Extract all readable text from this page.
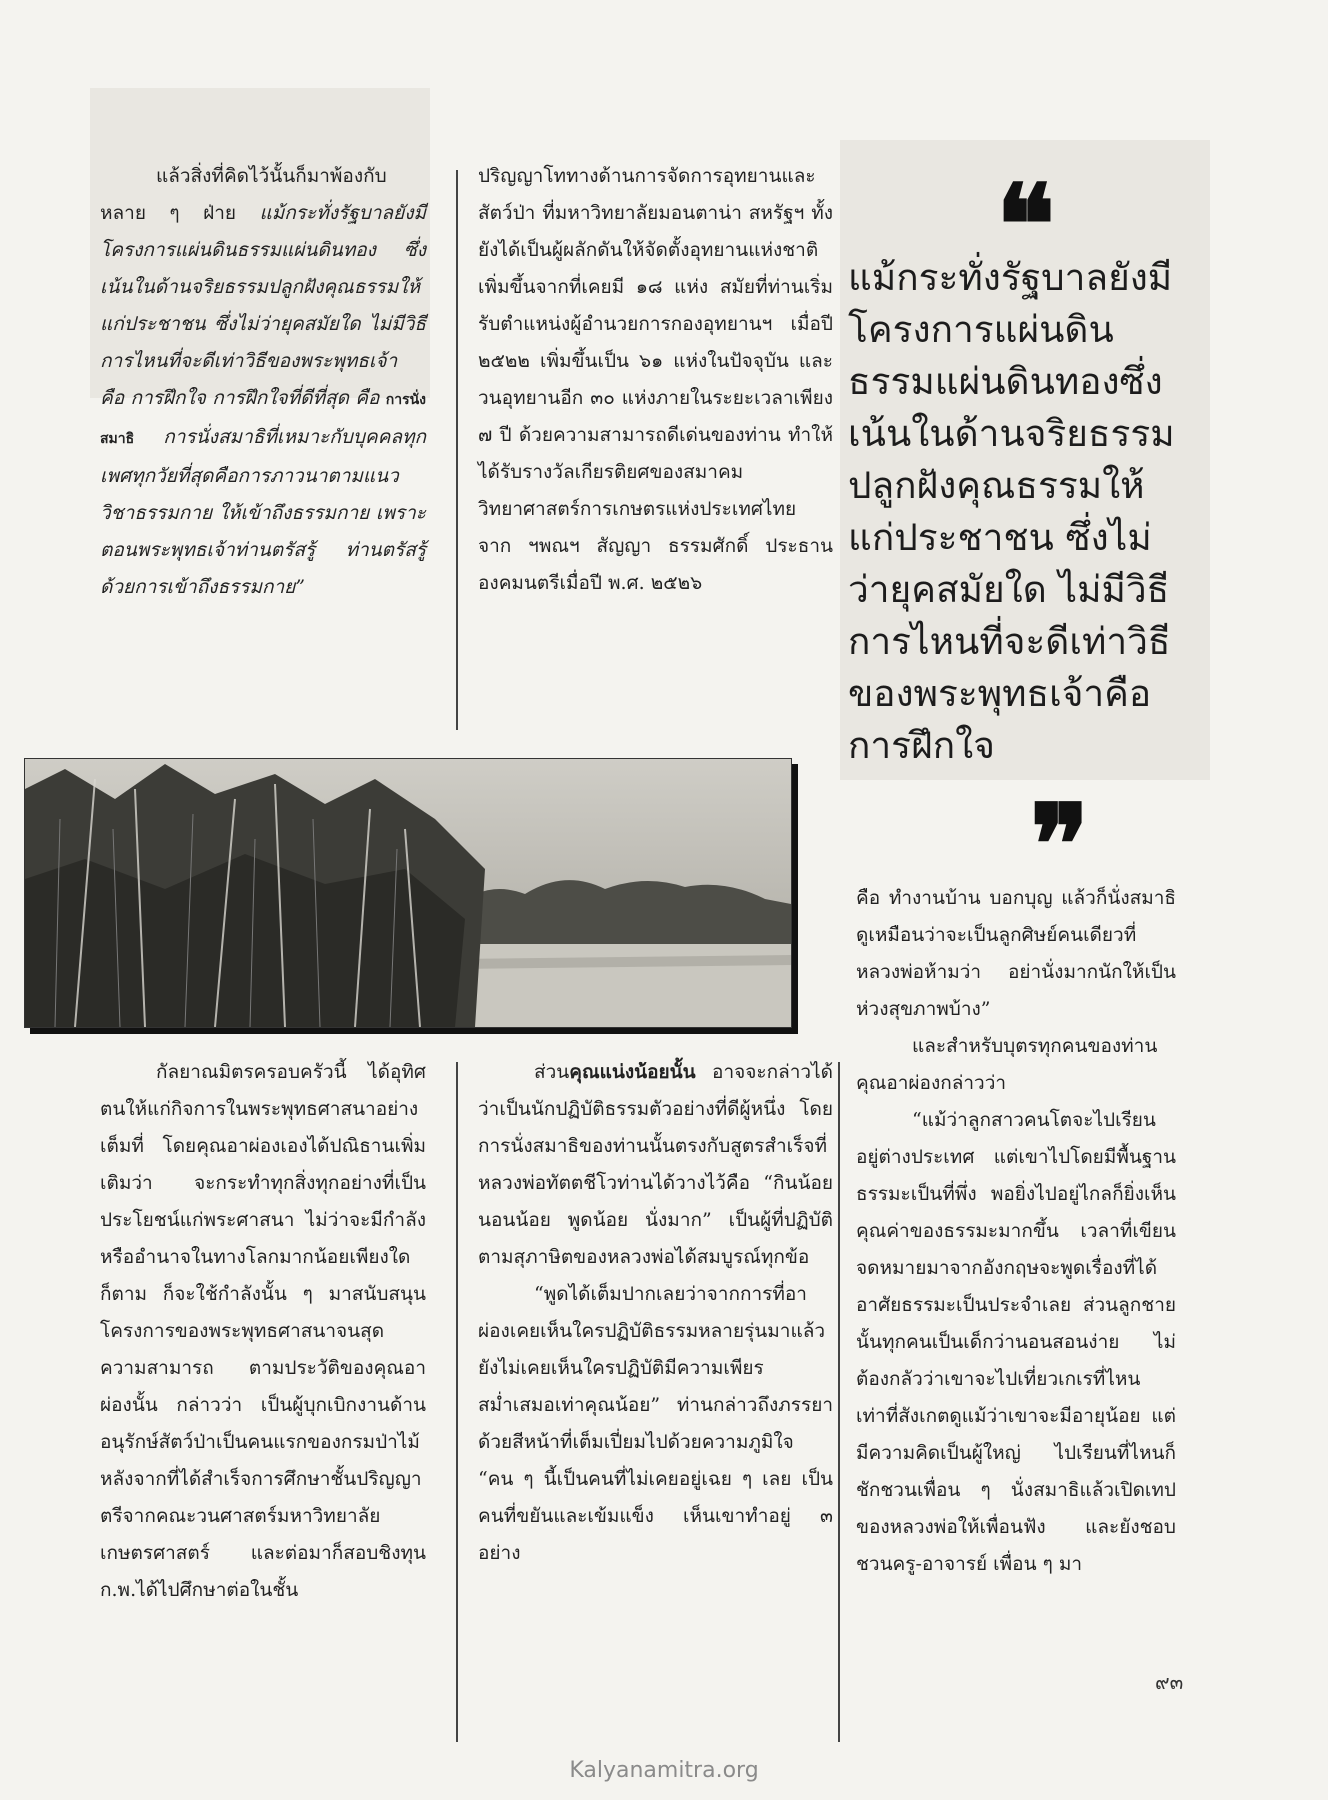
แล้วสิ่งที่คิดไว้นั้นก็มาพ้องกับหลาย ๆ ฝ่าย แม้กระทั่งรัฐบาลยังมีโครงการแผ่นดินธรรมแผ่นดินทอง ซึ่งเน้นในด้านจริยธรรมปลูกฝังคุณธรรมให้แก่ประชาชน ซึ่งไม่ว่ายุคสมัยใด ไม่มีวิธีการไหนที่จะดีเท่าวิธีของพระพุทธเจ้า คือ การฝึกใจ การฝึกใจที่ดีที่สุด คือ การนั่งสมาธิ การนั่งสมาธิที่เหมาะกับบุคคลทุกเพศทุกวัยที่สุดคือการภาวนาตามแนววิชาธรรมกาย ให้เข้าถึงธรรมกาย เพราะตอนพระพุทธเจ้าท่านตรัสรู้ ท่านตรัสรู้ด้วยการเข้าถึงธรรมกาย”

ปริญญาโททางด้านการจัดการอุทยานและสัตว์ป่า ที่มหาวิทยาลัยมอนตาน่า สหรัฐฯ ทั้งยังได้เป็นผู้ผลักดันให้จัดตั้งอุทยานแห่งชาติเพิ่มขึ้นจากที่เคยมี ๑๘ แห่ง สมัยที่ท่านเริ่มรับตำแหน่งผู้อำนวยการกองอุทยานฯ เมื่อปี ๒๕๒๒ เพิ่มขึ้นเป็น ๖๑ แห่งในปัจจุบัน และวนอุทยานอีก ๓๐ แห่งภายในระยะเวลาเพียง ๗ ปี ด้วยความสามารถดีเด่นของท่าน ทำให้ได้รับรางวัลเกียรติยศของสมาคมวิทยาศาสตร์การเกษตรแห่งประเทศไทย จาก ฯพณฯ สัญญา ธรรมศักดิ์ ประธานองคมนตรีเมื่อปี พ.ศ. ๒๕๒๖

❝
แม้กระทั่งรัฐบาลยังมีโครงการแผ่นดินธรรมแผ่นดินทองซึ่งเน้นในด้านจริยธรรม ปลูกฝังคุณธรรมให้แก่ประชาชน ซึ่งไม่ว่ายุคสมัยใด ไม่มีวิธีการไหนที่จะดีเท่าวิธีของพระพุทธเจ้าคือ การฝึกใจ
❞

กัลยาณมิตรครอบครัวนี้ ได้อุทิศตนให้แก่กิจการในพระพุทธศาสนาอย่างเต็มที่ โดยคุณอาผ่องเองได้ปณิธานเพิ่มเติมว่า จะกระทำทุกสิ่งทุกอย่างที่เป็นประโยชน์แก่พระศาสนา ไม่ว่าจะมีกำลังหรืออำนาจในทางโลกมากน้อยเพียงใดก็ตาม ก็จะใช้กำลังนั้น ๆ มาสนับสนุนโครงการของพระพุทธศาสนาจนสุดความสามารถ ตามประวัติของคุณอาผ่องนั้น กล่าวว่า เป็นผู้บุกเบิกงานด้านอนุรักษ์สัตว์ป่าเป็นคนแรกของกรมป่าไม้ หลังจากที่ได้สำเร็จการศึกษาชั้นปริญญาตรีจากคณะวนศาสตร์มหาวิทยาลัยเกษตรศาสตร์ และต่อมาก็สอบชิงทุน ก.พ.ได้ไปศึกษาต่อในชั้น

ส่วนคุณแน่งน้อยนั้น อาจจะกล่าวได้ว่าเป็นนักปฏิบัติธรรมตัวอย่างที่ดีผู้หนึ่ง โดยการนั่งสมาธิของท่านนั้นตรงกับสูตรสำเร็จที่หลวงพ่อทัตตชีโวท่านได้วางไว้คือ “กินน้อย นอนน้อย พูดน้อย นั่งมาก” เป็นผู้ที่ปฏิบัติตามสุภาษิตของหลวงพ่อได้สมบูรณ์ทุกข้อ

“พูดได้เต็มปากเลยว่าจากการที่อาผ่องเคยเห็นใครปฏิบัติธรรมหลายรุ่นมาแล้ว ยังไม่เคยเห็นใครปฏิบัติมีความเพียรสม่ำเสมอเท่าคุณน้อย” ท่านกล่าวถึงภรรยาด้วยสีหน้าที่เต็มเปี่ยมไปด้วยความภูมิใจ “คน ๆ นี้เป็นคนที่ไม่เคยอยู่เฉย ๆ เลย เป็นคนที่ขยันและเข้มแข็ง เห็นเขาทำอยู่ ๓ อย่าง

คือ ทำงานบ้าน บอกบุญ แล้วก็นั่งสมาธิ ดูเหมือนว่าจะเป็นลูกศิษย์คนเดียวที่หลวงพ่อห้ามว่า อย่านั่งมากนักให้เป็นห่วงสุขภาพบ้าง”

และสำหรับบุตรทุกคนของท่าน คุณอาผ่องกล่าวว่า

“แม้ว่าลูกสาวคนโตจะไปเรียนอยู่ต่างประเทศ แต่เขาไปโดยมีพื้นฐานธรรมะเป็นที่พึ่ง พอยิ่งไปอยู่ไกลก็ยิ่งเห็นคุณค่าของธรรมะมากขึ้น เวลาที่เขียนจดหมายมาจากอังกฤษจะพูดเรื่องที่ได้อาศัยธรรมะเป็นประจำเลย ส่วนลูกชายนั้นทุกคนเป็นเด็กว่านอนสอนง่าย ไม่ต้องกลัวว่าเขาจะไปเที่ยวเกเรที่ไหน เท่าที่สังเกตดูแม้ว่าเขาจะมีอายุน้อย แต่มีความคิดเป็นผู้ใหญ่ ไปเรียนที่ไหนก็ชักชวนเพื่อน ๆ นั่งสมาธิแล้วเปิดเทปของหลวงพ่อให้เพื่อนฟัง และยังชอบชวนครู-อาจารย์ เพื่อน ๆ มา

๙๓
Kalyanamitra.org
